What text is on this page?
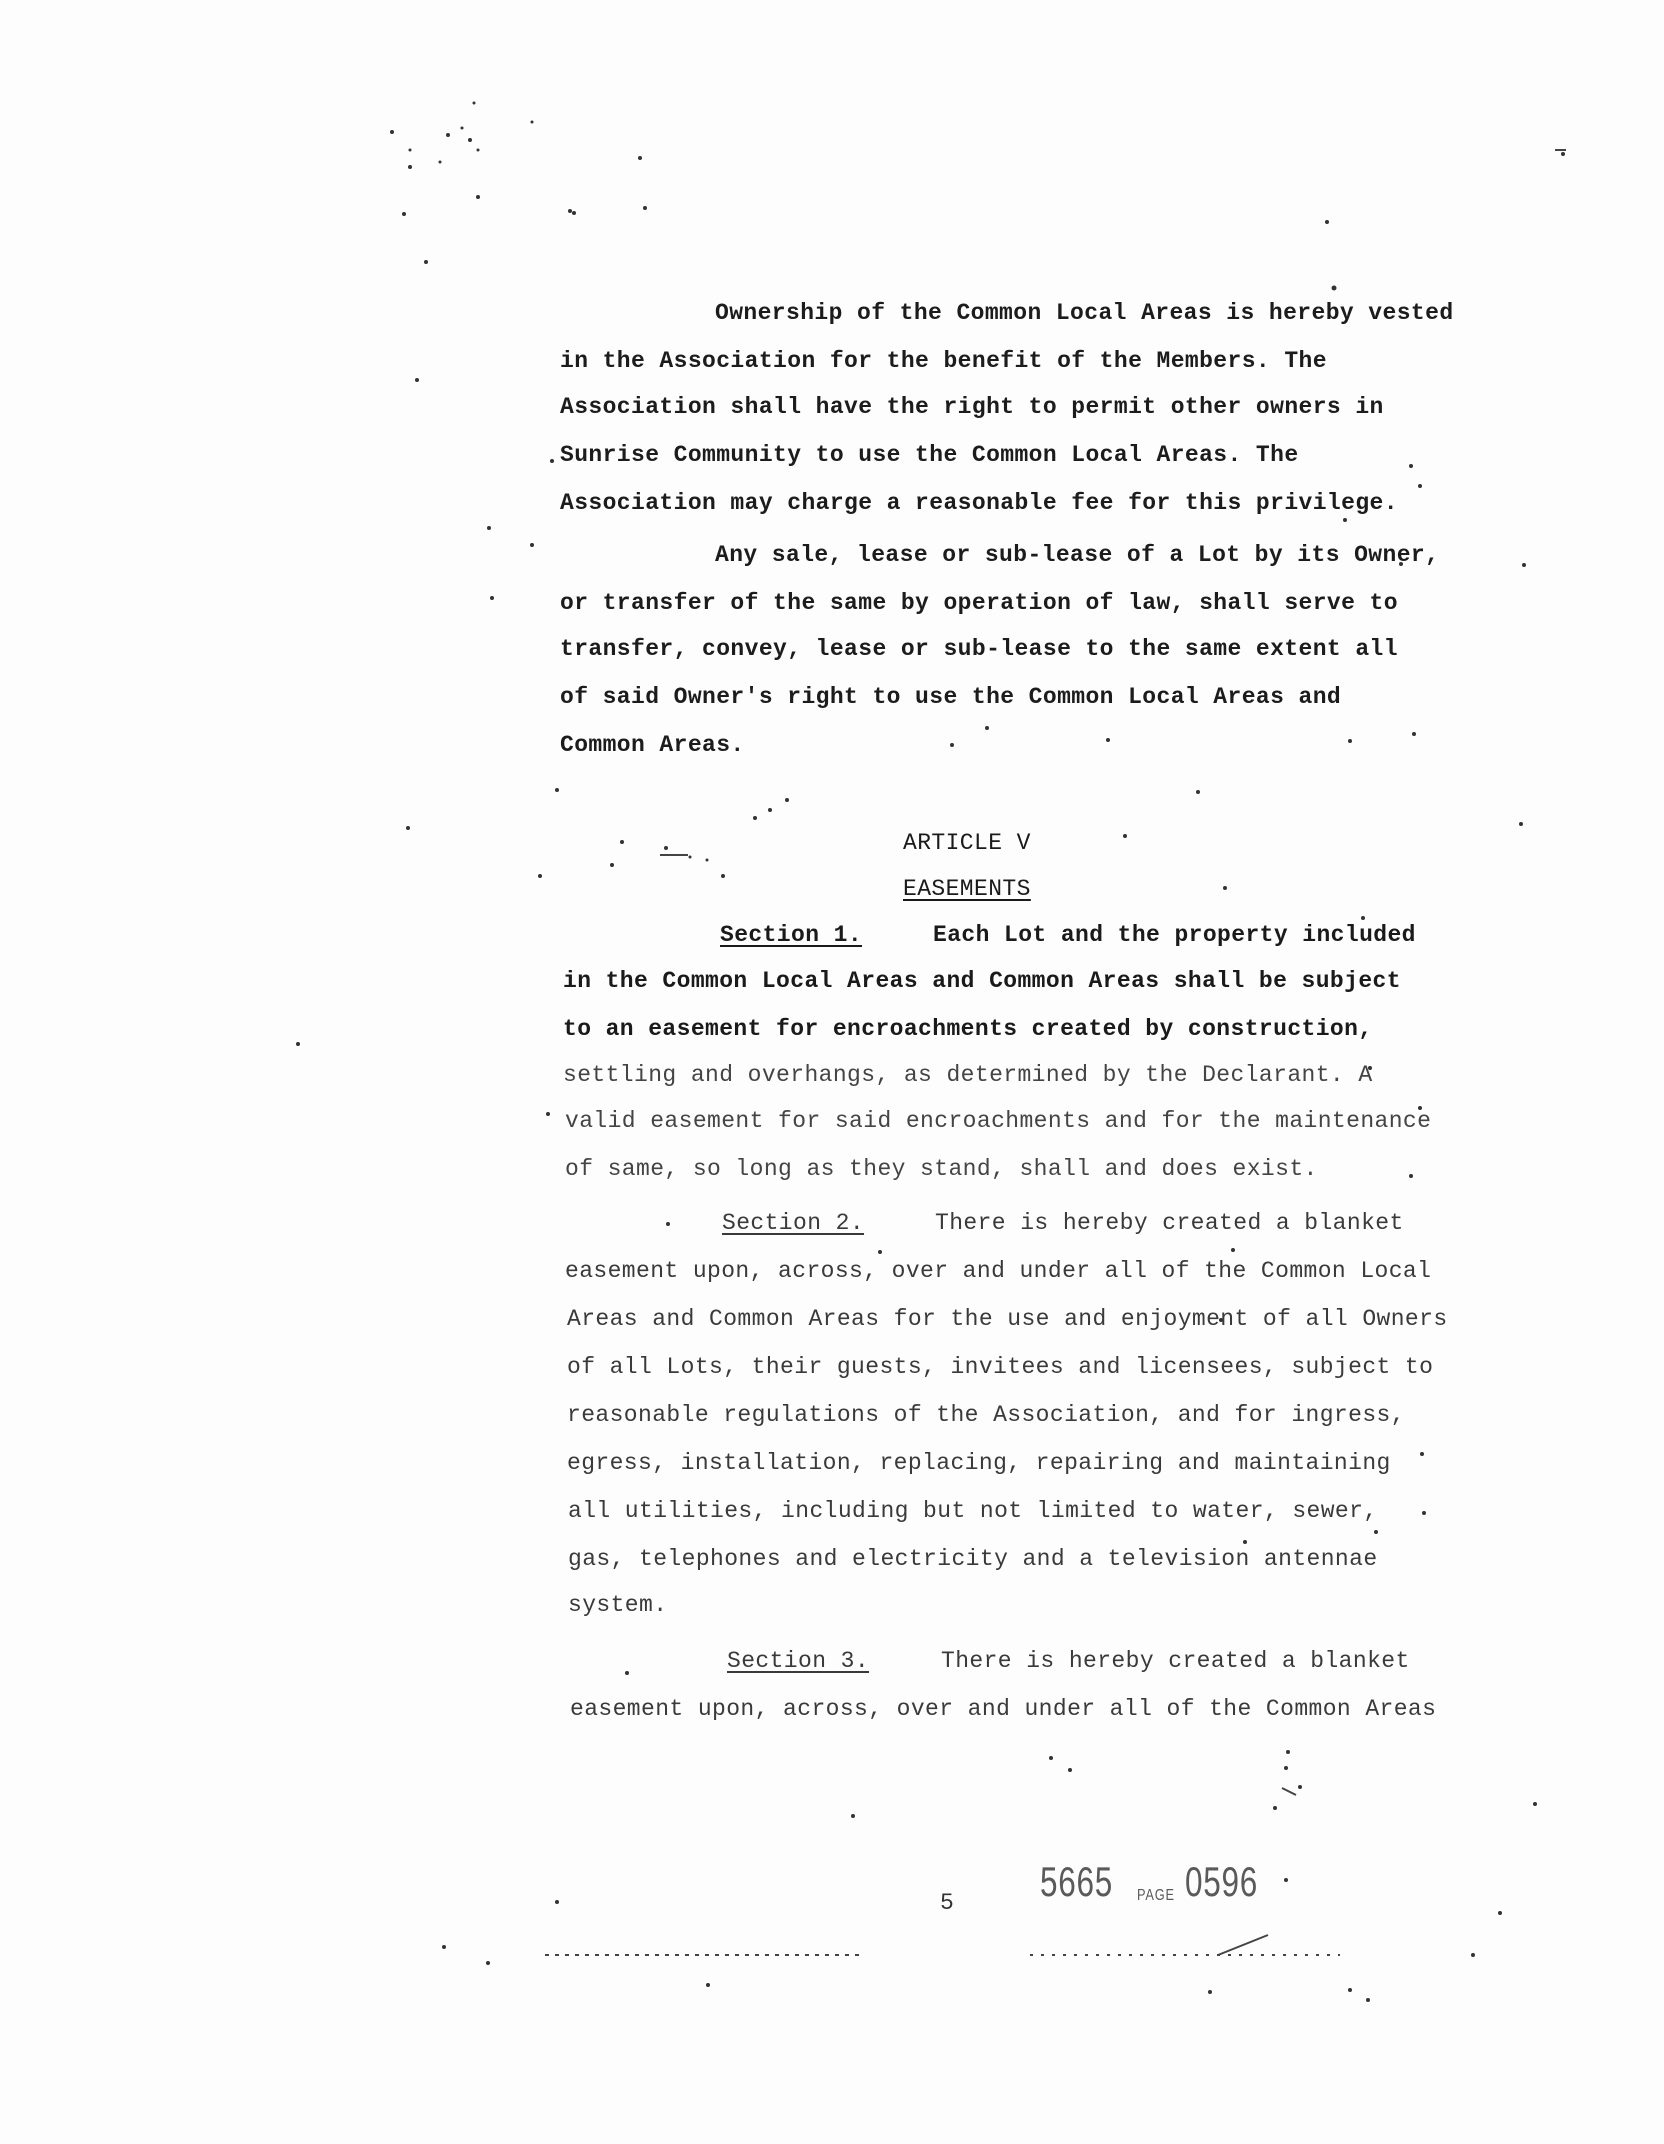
Ownership of the Common Local Areas is hereby vested
in the Association for the benefit of the Members. The
Association shall have the right to permit other owners in
Sunrise Community to use the Common Local Areas. The
Association may charge a reasonable fee for this privilege.
Any sale, lease or sub-lease of a Lot by its Owner,
or transfer of the same by operation of law, shall serve to
transfer, convey, lease or sub-lease to the same extent all
of said Owner's right to use the Common Local Areas and
Common Areas.
ARTICLE V
EASEMENTS
Section 1.	Each Lot and the property included
in the Common Local Areas and Common Areas shall be subject
to an easement for encroachments created by construction,
settling and overhangs, as determined by the Declarant. A
valid easement for said encroachments and for the maintenance
of same, so long as they stand, shall and does exist.
Section 2.	There is hereby created a blanket
easement upon, across, over and under all of the Common Local
Areas and Common Areas for the use and enjoyment of all Owners
of all Lots, their guests, invitees and licensees, subject to
reasonable regulations of the Association, and for ingress,
egress, installation, replacing, repairing and maintaining
all utilities, including but not limited to water, sewer,
gas, telephones and electricity and a television antennae
system.
Section 3.	There is hereby created a blanket
easement upon, across, over and under all of the Common Areas
5 5665 PAGE 0596
